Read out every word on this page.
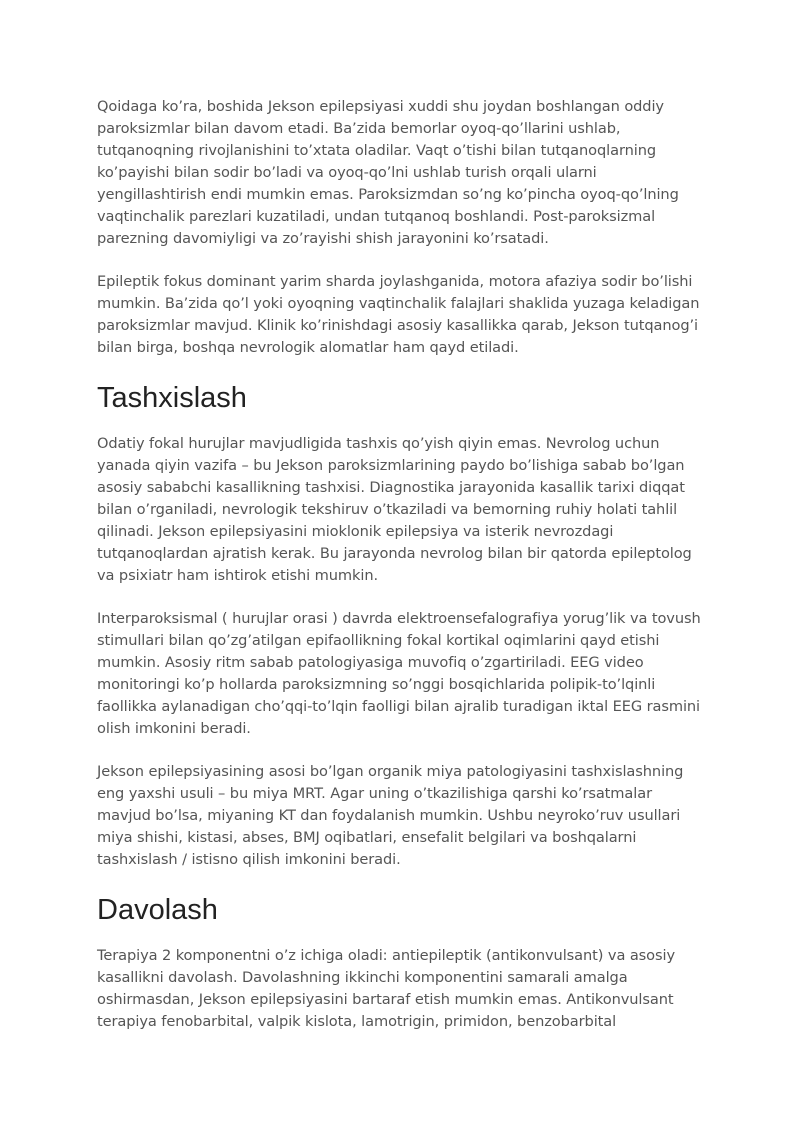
Qoidaga ko’ra, boshida Jekson epilepsiyasi xuddi shu joydan boshlangan oddiy paroksizmlar bilan davom etadi. Ba’zida bemorlar oyoq-qo’llarini ushlab, tutqanoqning rivojlanishini to’xtata oladilar. Vaqt o’tishi bilan tutqanoqlarning ko’payishi bilan sodir bo’ladi va oyoq-qo’lni ushlab turish orqali ularni yengillashtirish endi mumkin emas. Paroksizmdan so’ng ko’pincha oyoq-qo’lning vaqtinchalik parezlari kuzatiladi, undan tutqanoq boshlandi. Post-paroksizmal parezning davomiyligi va zo’rayishi shish jarayonini ko’rsatadi.

Epileptik fokus dominant yarim sharda joylashganida, motora afaziya sodir bo’lishi mumkin. Ba’zida qo’l yoki oyoqning vaqtinchalik falajlari shaklida yuzaga keladigan paroksizmlar mavjud. Klinik ko’rinishdagi asosiy kasallikka qarab, Jekson tutqanog’i bilan birga, boshqa nevrologik alomatlar ham qayd etiladi.

Tashxislash

Odatiy fokal hurujlar mavjudligida tashxis qo’yish qiyin emas. Nevrolog uchun yanada qiyin vazifa – bu Jekson paroksizmlarining paydo bo’lishiga sabab bo’lgan asosiy sababchi kasallikning tashxisi. Diagnostika jarayonida kasallik tarixi diqqat bilan o’rganiladi, nevrologik tekshiruv o’tkaziladi va bemorning ruhiy holati tahlil qilinadi. Jekson epilepsiyasini mioklonik epilepsiya va isterik nevrozdagi tutqanoqlardan ajratish kerak. Bu jarayonda nevrolog bilan bir qatorda epileptolog va psixiatr ham ishtirok etishi mumkin.

Interparoksismal ( hurujlar orasi ) davrda elektroensefalografiya yorug’lik va tovush stimullari bilan qo’zg’atilgan epifaollikning fokal kortikal oqimlarini qayd etishi mumkin. Asosiy ritm sabab patologiyasiga muvofiq o’zgartiriladi. EEG video monitoringi ko’p hollarda paroksizmning so’nggi bosqichlarida polipik-to’lqinli faollikka aylanadigan cho’qqi-to’lqin faolligi bilan ajralib turadigan iktal EEG rasmini olish imkonini beradi.

Jekson epilepsiyasining asosi bo’lgan organik miya patologiyasini tashxislashning eng yaxshi usuli – bu miya MRT. Agar uning o’tkazilishiga qarshi ko’rsatmalar mavjud bo’lsa, miyaning KT dan foydalanish mumkin. Ushbu neyroko’ruv usullari miya shishi, kistasi, abses, BMJ oqibatlari, ensefalit belgilari va boshqalarni tashxislash / istisno qilish imkonini beradi.

Davolash

Terapiya 2 komponentni o’z ichiga oladi: antiepileptik (antikonvulsant) va asosiy kasallikni davolash. Davolashning ikkinchi komponentini samarali amalga oshirmasdan, Jekson epilepsiyasini bartaraf etish mumkin emas. Antikonvulsant terapiya fenobarbital, valpik kislota, lamotrigin, primidon, benzobarbital
